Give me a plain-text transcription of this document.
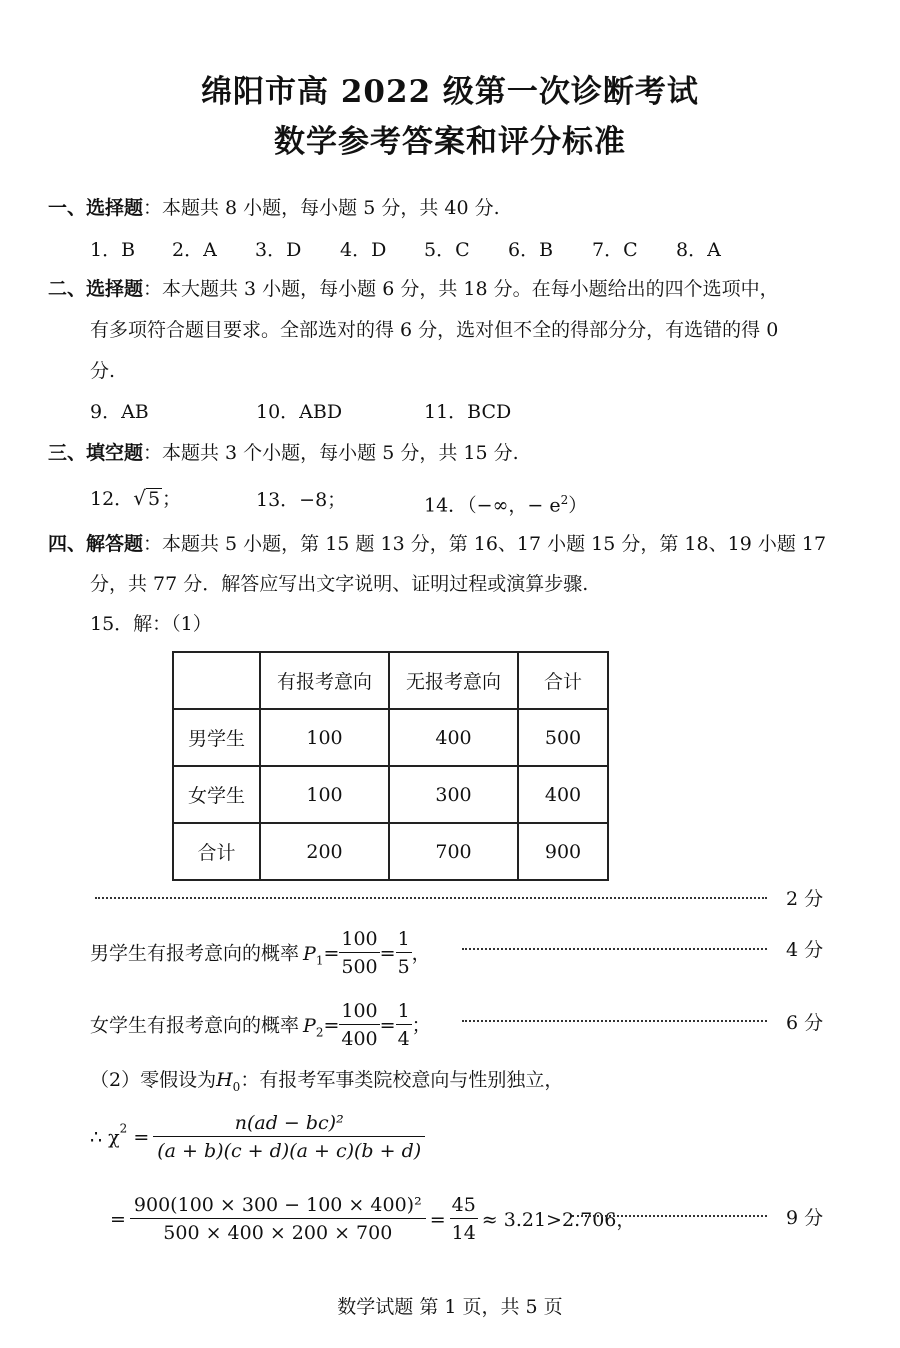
绵阳市高 2022 级第一次诊断考试
数学参考答案和评分标准
一、选择题：本题共 8 小题，每小题 5 分，共 40 分.
1．B 2．A 3．D 4．D 5．C 6．B 7．C 8．A
二、选择题：本大题共 3 小题，每小题 6 分，共 18 分。在每小题给出的四个选项中，
有多项符合题目要求。全部选对的得 6 分，选对但不全的得部分分，有选错的得 0
分.
9．AB	10．ABD	11．BCD
三、填空题：本题共 3 个小题，每小题 5 分，共 15 分.
12．√ 5 ；	13．−8；	14．（−∞，− $e^2$）
四、解答题：本题共 5 小题，第 15 题 13 分，第 16、17 小题 15 分，第 18、19 小题 17
分，共 77 分．解答应写出文字说明、证明过程或演算步骤.
15．解：（1）
	有报考意向	无报考意向	合计
男学生	100	400	500
女学生	100	300	400
合计	200	700	900
2 分
男学生有报考意向的概率 $P_1= \frac{100}{500} = \frac{1}{5}$ ，	4 分
女学生有报考意向的概率 $P_2= \frac{100}{400} = \frac{1}{4}$ ；	6 分
（2）零假设为$H_0$：有报考军事类院校意向与性别独立，
∴ $\chi^2 = \frac{\text{n(ad − bc)²}}{(a + b)(c + d)(a + c)(b + d)}$
= $\frac{\text{900(100 × 300 − 100 × 400)²}}{500 \times 400 \times 200 \times 700} = \frac{45}{14} \approx 3.21>2.706$，	9 分
数学试题 第 1 页，共 5 页
